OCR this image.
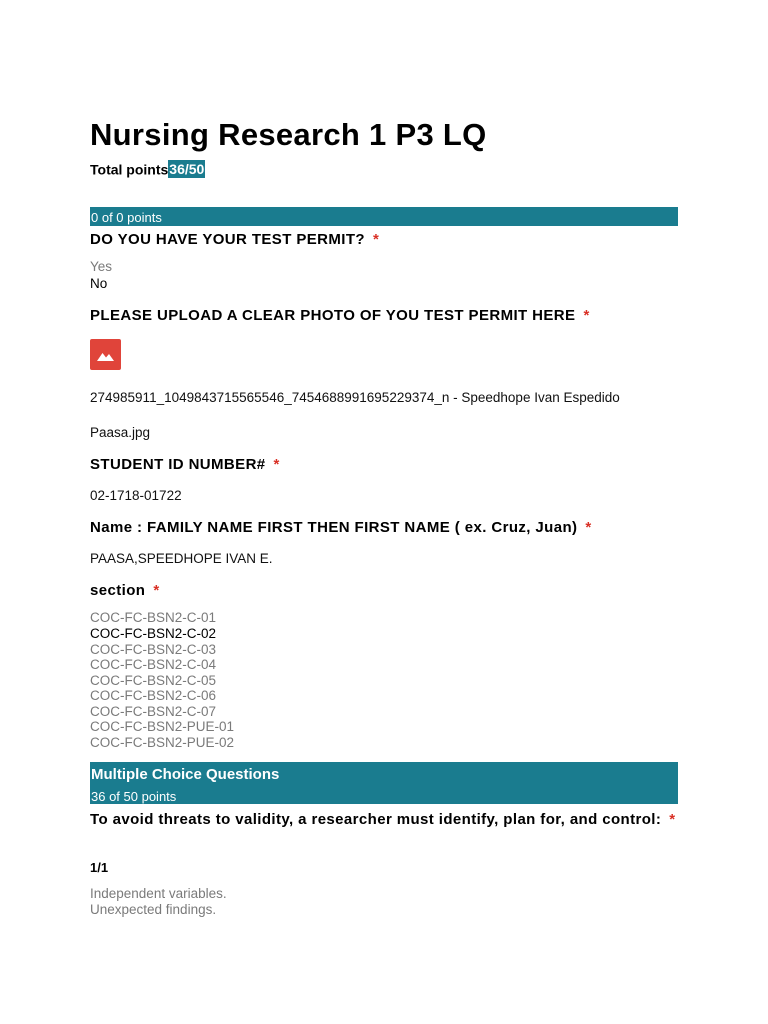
Nursing Research 1 P3 LQ
Total points36/50
0 of 0 points
DO YOU HAVE YOUR TEST PERMIT? *
Yes
No
PLEASE UPLOAD A CLEAR PHOTO OF YOU TEST PERMIT HERE *
274985911_1049843715565546_7454688991695229374_n - Speedhope Ivan Espedido
Paasa.jpg
STUDENT ID NUMBER# *
02-1718-01722
Name : FAMILY NAME FIRST THEN FIRST NAME ( ex. Cruz, Juan) *
PAASA,SPEEDHOPE IVAN E.
section *
COC-FC-BSN2-C-01
COC-FC-BSN2-C-02
COC-FC-BSN2-C-03
COC-FC-BSN2-C-04
COC-FC-BSN2-C-05
COC-FC-BSN2-C-06
COC-FC-BSN2-C-07
COC-FC-BSN2-PUE-01
COC-FC-BSN2-PUE-02
Multiple Choice Questions
36 of 50 points
To avoid threats to validity, a researcher must identify, plan for, and control: *
1/1
Independent variables.
Unexpected findings.
